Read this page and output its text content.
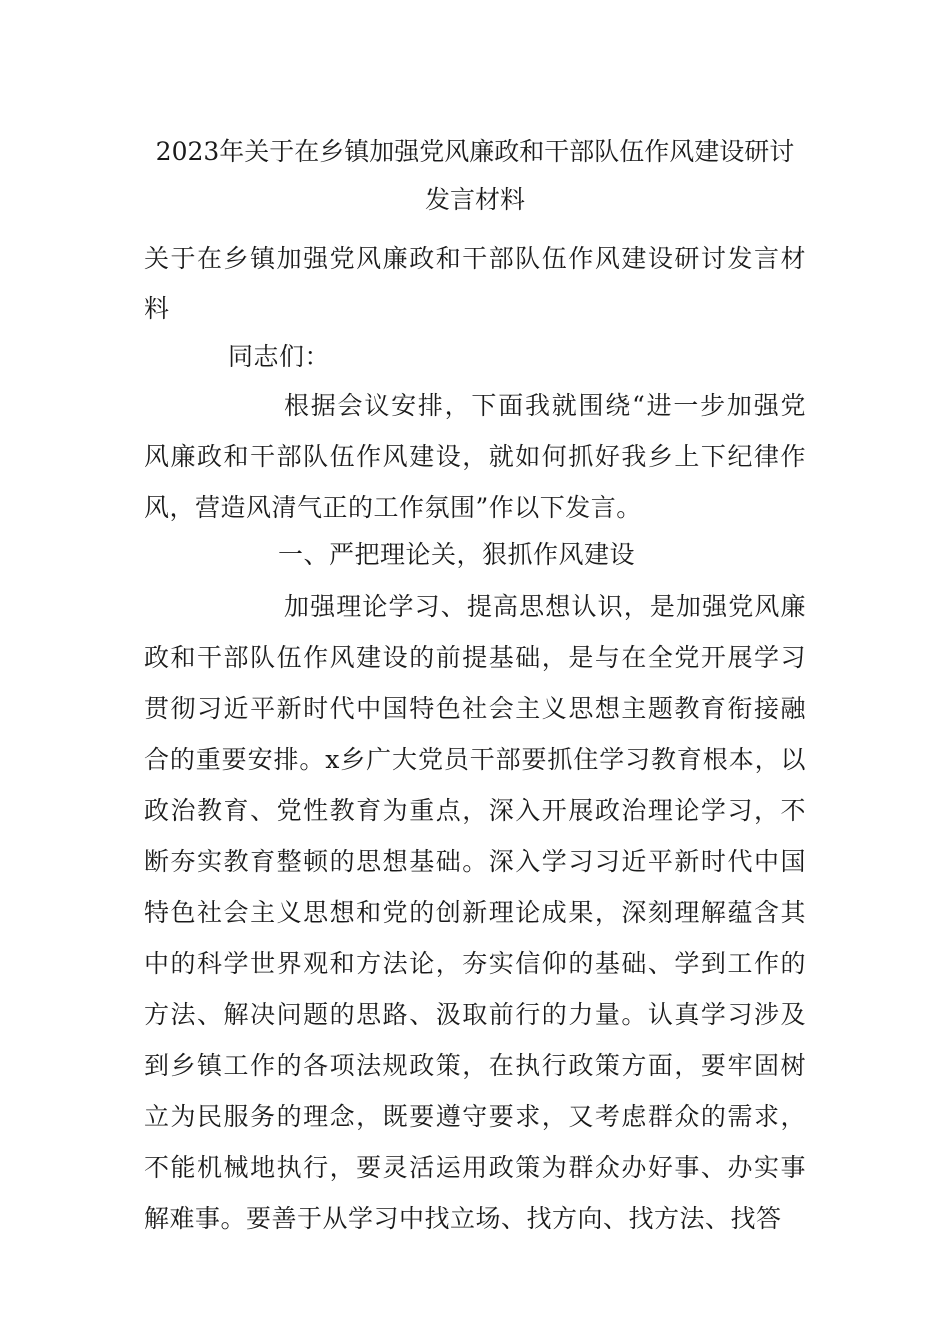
2023年关于在乡镇加强党风廉政和干部队伍作风建设研讨
发言材料
关于在乡镇加强党风廉政和干部队伍作风建设研讨发言材料
同志们：
根据会议安排，下面我就围绕“进一步加强党风廉政和干部队伍作风建设，就如何抓好我乡上下纪律作风，营造风清气正的工作氛围”作以下发言。
一、严把理论关，狠抓作风建设
加强理论学习、提高思想认识，是加强党风廉政和干部队伍作风建设的前提基础，是与在全党开展学习贯彻习近平新时代中国特色社会主义思想主题教育衔接融合的重要安排。x乡广大党员干部要抓住学习教育根本，以政治教育、党性教育为重点，深入开展政治理论学习，不断夯实教育整顿的思想基础。深入学习习近平新时代中国特色社会主义思想和党的创新理论成果，深刻理解蕴含其中的科学世界观和方法论，夯实信仰的基础、学到工作的方法、解决问题的思路、汲取前行的力量。认真学习涉及到乡镇工作的各项法规政策，在执行政策方面，要牢固树立为民服务的理念，既要遵守要求，又考虑群众的需求，不能机械地执行，要灵活运用政策为群众办好事、办实事解难事。要善于从学习中找立场、找方向、找方法、找答
